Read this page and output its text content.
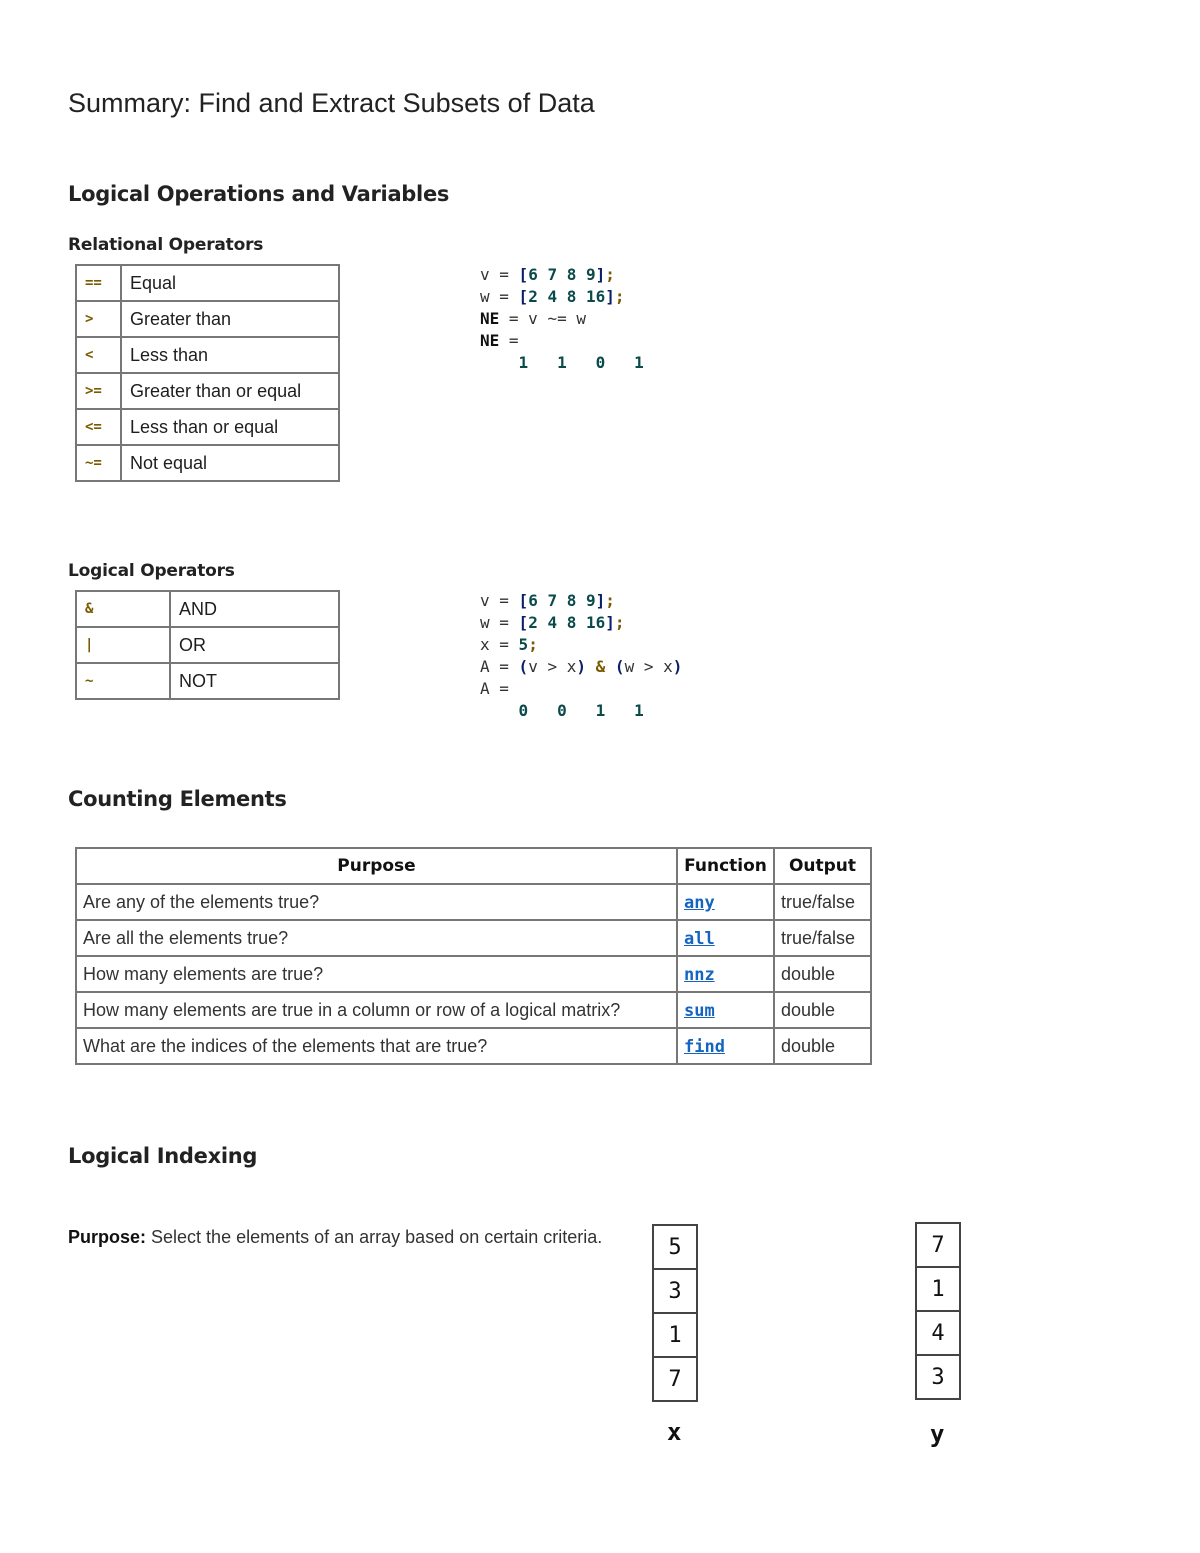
Summary: Find and Extract Subsets of Data
Logical Operations and Variables
Relational Operators
==	Equal
>	Greater than
<	Less than
>=	Greater than or equal
<=	Less than or equal
~=	Not equal
v = [6 7 8 9];
w = [2 4 8 16];
NE = v ~= w
NE =
1   1   0   1
Logical Operators
&	AND
|	OR
~	NOT
v = [6 7 8 9];
w = [2 4 8 16];
x = 5;
A = (v > x) & (w > x)
A =
0   0   1   1
Counting Elements
Purpose	Function	Output
Are any of the elements true?	any	true/false
Are all the elements true?	all	true/false
How many elements are true?	nnz	double
How many elements are true in a column or row of a logical matrix?	sum	double
What are the indices of the elements that are true?	find	double
Logical Indexing
Purpose: Select the elements of an array based on certain criteria.	5
3
1
7
x
7
1
4
3
y
